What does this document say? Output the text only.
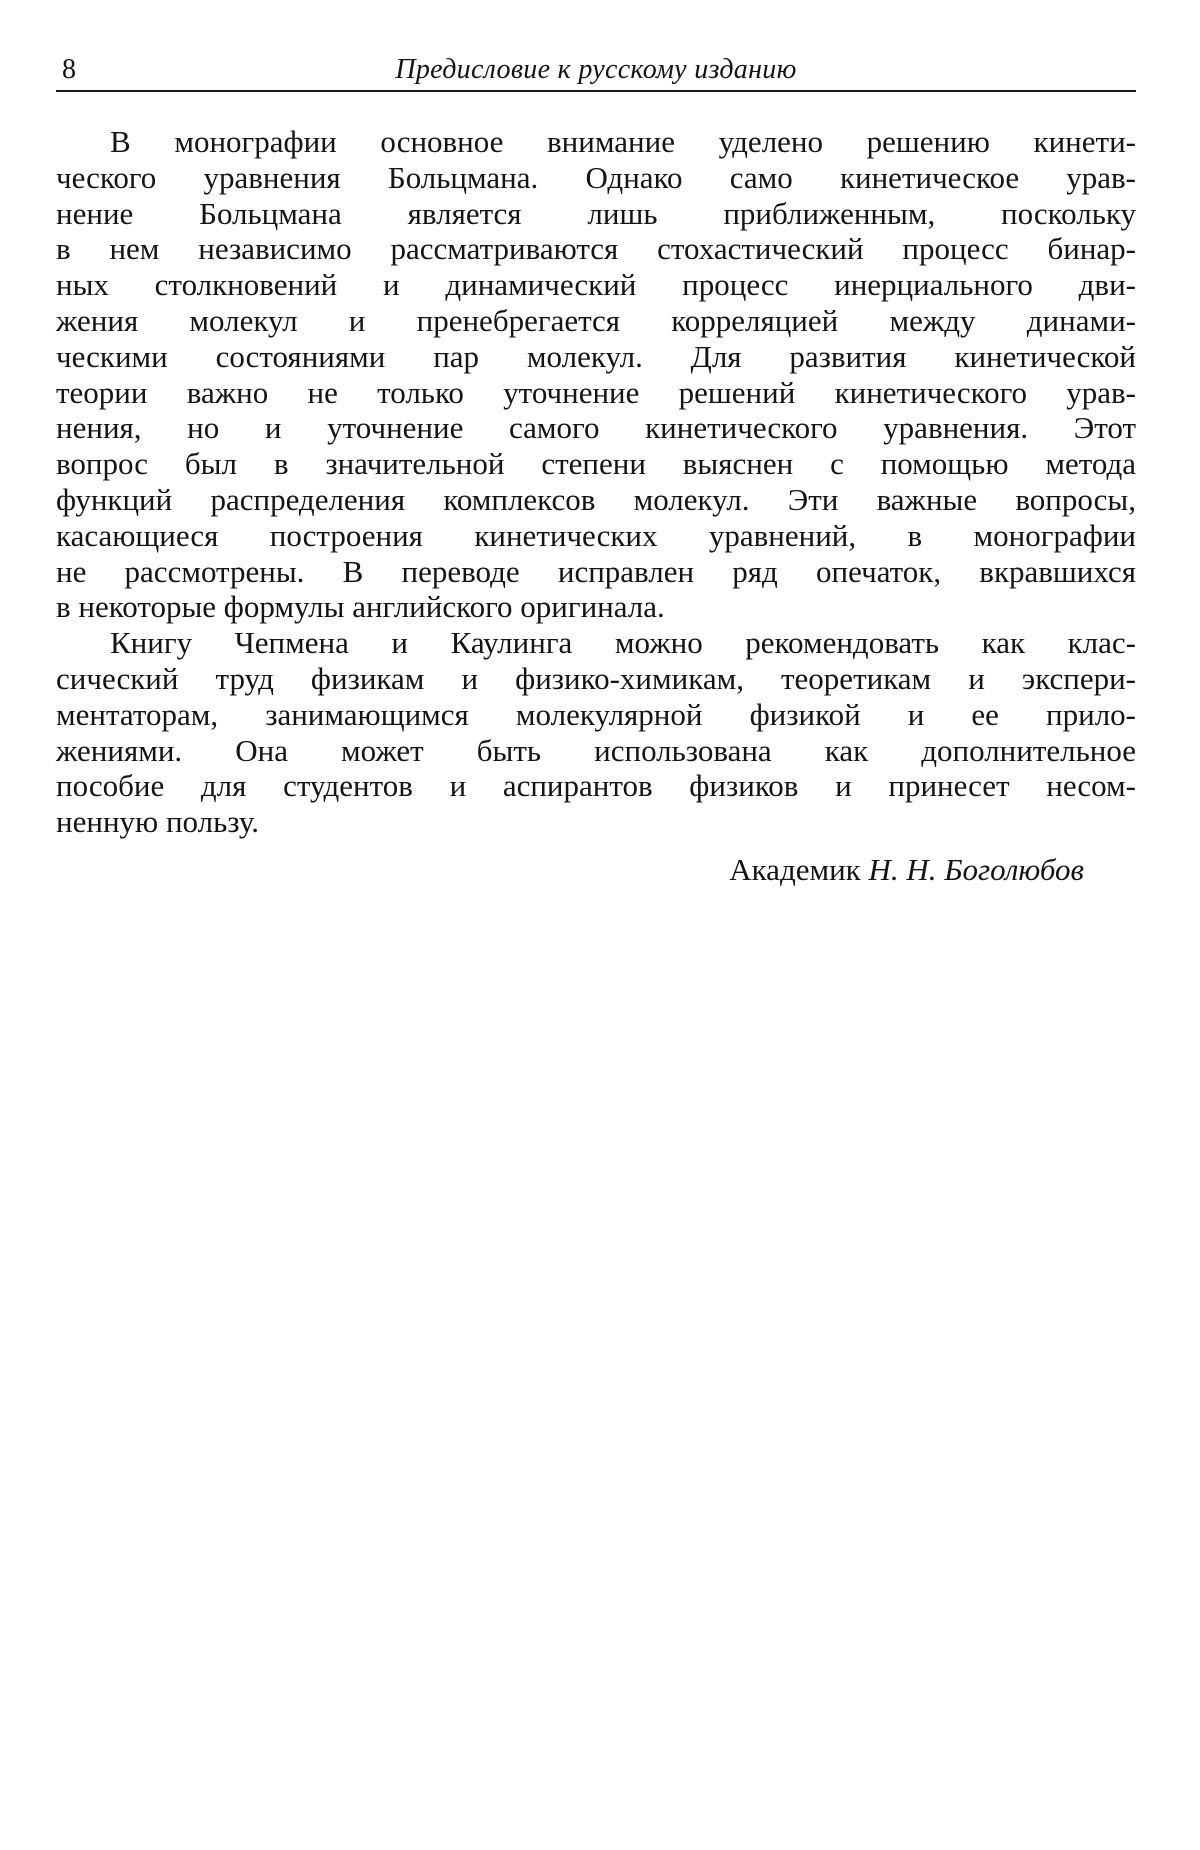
8	Предисловие к русскому изданию
В монографии основное внимание уделено решению кинети-
ческого уравнения Больцмана. Однако само кинетическое урав-
нение Больцмана является лишь приближенным, поскольку
в нем независимо рассматриваются стохастический процесс бинар-
ных столкновений и динамический процесс инерциального дви-
жения молекул и пренебрегается корреляцией между динами-
ческими состояниями пар молекул. Для развития кинетической
теории важно не только уточнение решений кинетического урав-
нения, но и уточнение самого кинетического уравнения. Этот
вопрос был в значительной степени выяснен с помощью метода
функций распределения комплексов молекул. Эти важные вопросы,
касающиеся построения кинетических уравнений, в монографии
не рассмотрены. В переводе исправлен ряд опечаток, вкравшихся
в некоторые формулы английского оригинала.
Книгу Чепмена и Каулинга можно рекомендовать как клас-
сический труд физикам и физико-химикам, теоретикам и экспери-
ментаторам, занимающимся молекулярной физикой и ее прило-
жениями. Она может быть использована как дополнительное
пособие для студентов и аспирантов физиков и принесет несом-
ненную пользу.
Академик Н. Н. Боголюбов
